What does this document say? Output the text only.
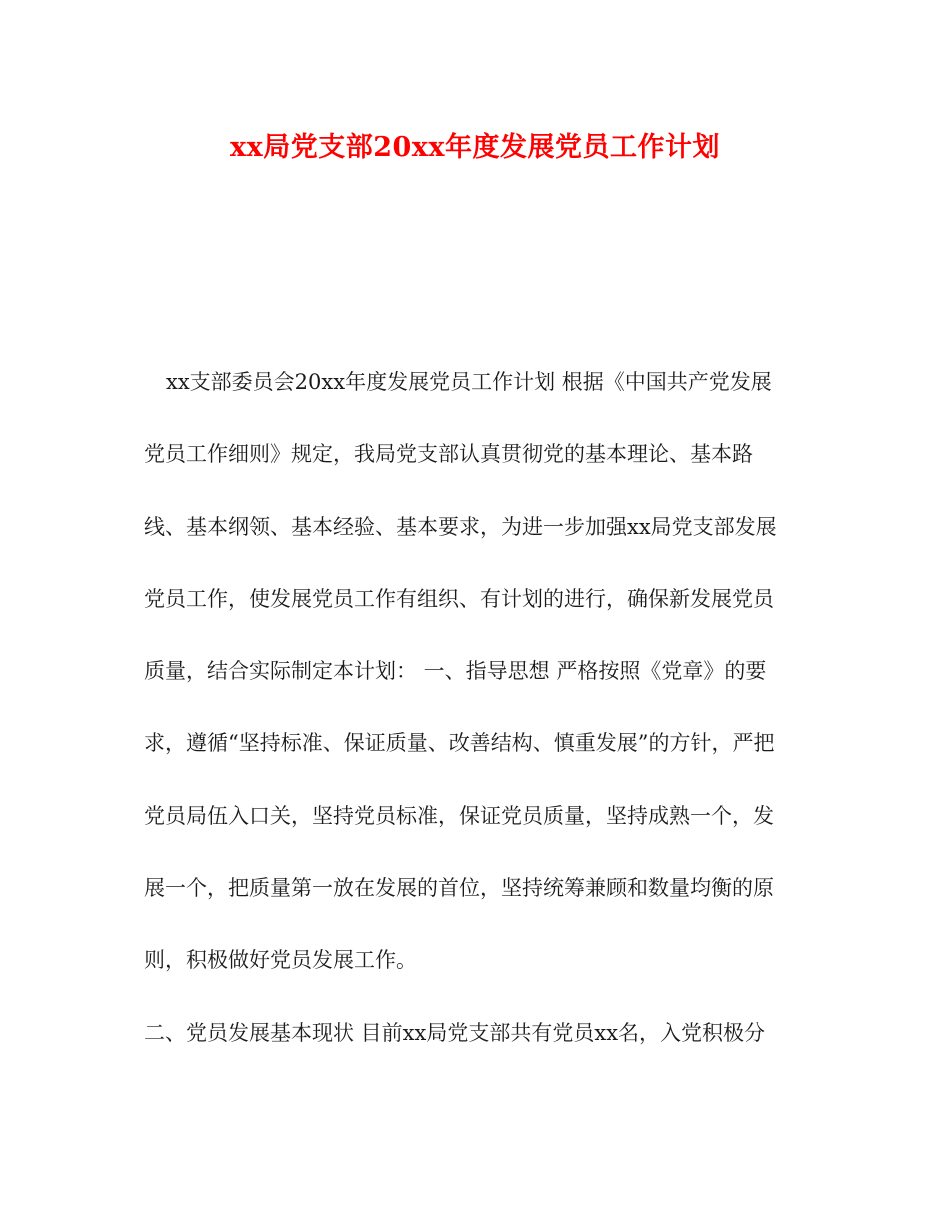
xx局党支部20xx年度发展党员工作计划
xx支部委员会20xx年度发展党员工作计划 根据《中国共产党发展
党员工作细则》规定，我局党支部认真贯彻党的基本理论、基本路
线、基本纲领、基本经验、基本要求，为进一步加强xx局党支部发展
党员工作，使发展党员工作有组织、有计划的进行，确保新发展党员
质量，结合实际制定本计划： 一、指导思想 严格按照《党章》的要
求，遵循“坚持标准、保证质量、改善结构、慎重发展”的方针，严把
党员局伍入口关，坚持党员标准，保证党员质量，坚持成熟一个，发
展一个，把质量第一放在发展的首位，坚持统筹兼顾和数量均衡的原
则，积极做好党员发展工作。
二、党员发展基本现状 目前xx局党支部共有党员xx名，入党积极分
